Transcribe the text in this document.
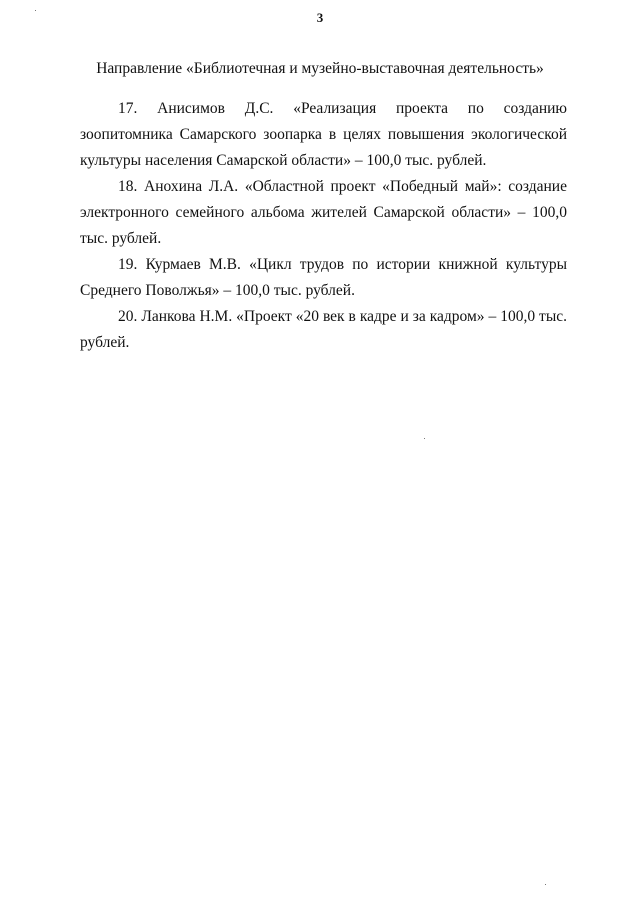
3
Направление «Библиотечная и музейно-выставочная деятельность»

17. Анисимов Д.С. «Реализация проекта по созданию зоопитомника Самарского зоопарка в целях повышения экологической культуры населения Самарской области» – 100,0 тыс. рублей.

18. Анохина Л.А. «Областной проект «Победный май»: создание электронного семейного альбома жителей Самарской области» – 100,0 тыс. рублей.

19. Курмаев М.В. «Цикл трудов по истории книжной культуры Среднего Поволжья» – 100,0 тыс. рублей.

20. Ланкова Н.М. «Проект «20 век в кадре и за кадром» – 100,0 тыс. рублей.
